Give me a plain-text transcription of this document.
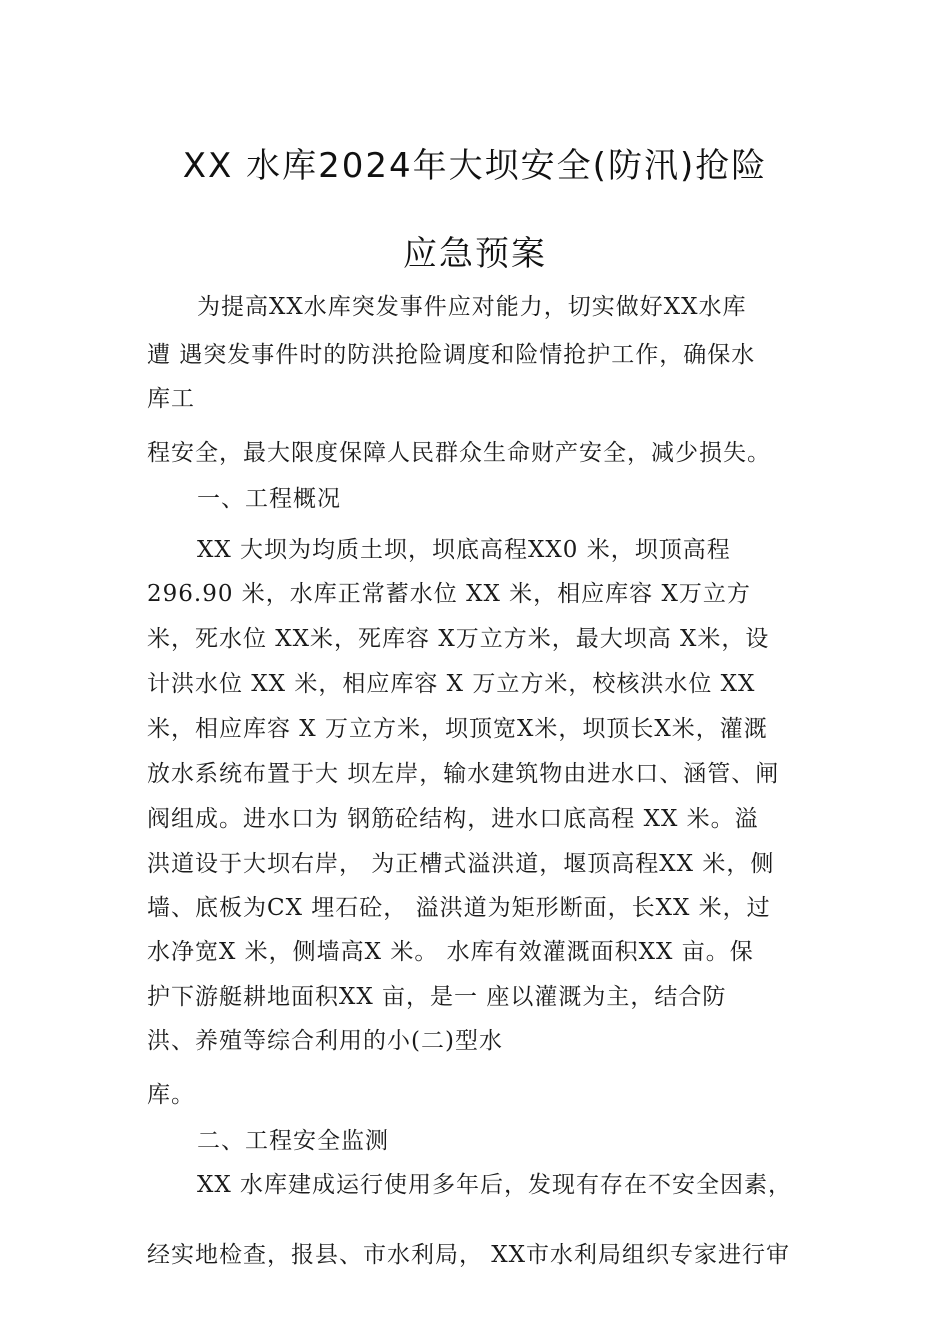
XX 水库2024年大坝安全(防汛)抢险
应急预案
为提高XX水库突发事件应对能力，切实做好XX水库
遭 遇突发事件时的防洪抢险调度和险情抢护工作，确保水
库工
程安全，最大限度保障人民群众生命财产安全，减少损失。
一、工程概况
XX 大坝为均质土坝，坝底高程XX0 米，坝顶高程
296.90 米，水库正常蓄水位 XX 米，相应库容 X万立方
米，死水位 XX米，死库容 X万立方米，最大坝高 X米，设
计洪水位 XX 米，相应库容 X 万立方米，校核洪水位 XX
米，相应库容 X 万立方米，坝顶宽X米，坝顶长X米，灌溉
放水系统布置于大 坝左岸，输水建筑物由进水口、涵管、闸
阀组成。进水口为 钢筋砼结构，进水口底高程 XX 米。溢
洪道设于大坝右岸， 为正槽式溢洪道，堰顶高程XX 米，侧
墙、底板为CX 埋石砼， 溢洪道为矩形断面，长XX 米，过
水净宽X 米，侧墙高X 米。 水库有效灌溉面积XX 亩。保
护下游艇耕地面积XX 亩，是一 座以灌溉为主，结合防
洪、养殖等综合利用的小(二)型水
库。
二、工程安全监测
XX 水库建成运行使用多年后，发现有存在不安全因素，
经实地检查，报县、市水利局， XX市水利局组织专家进行审
